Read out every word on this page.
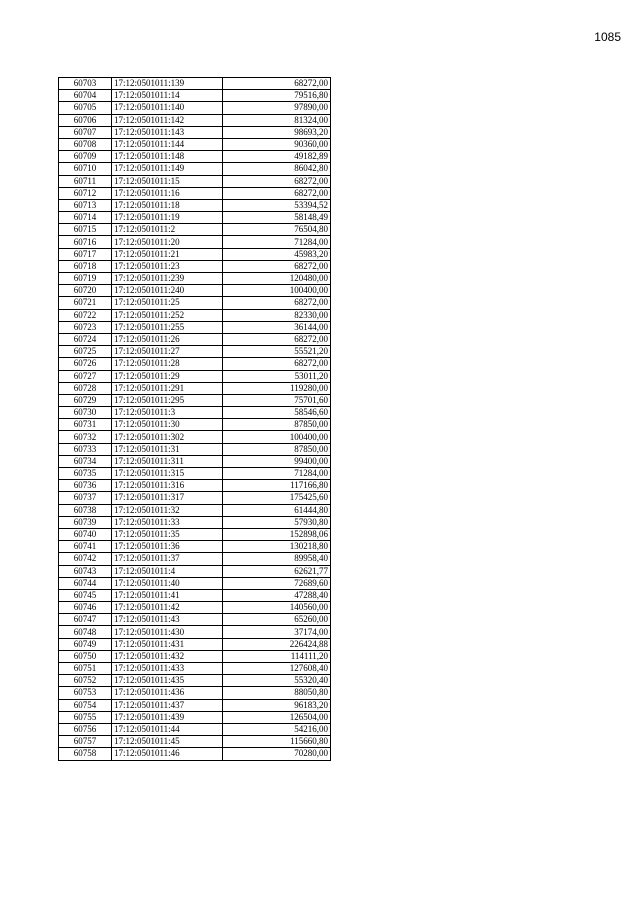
1085
60703	17:12:0501011:139	68272,00
60704	17:12:0501011:14	79516,80
60705	17:12:0501011:140	97890,00
60706	17:12:0501011:142	81324,00
60707	17:12:0501011:143	98693,20
60708	17:12:0501011:144	90360,00
60709	17:12:0501011:148	49182,89
60710	17:12:0501011:149	86042,80
60711	17:12:0501011:15	68272,00
60712	17:12:0501011:16	68272,00
60713	17:12:0501011:18	53394,52
60714	17:12:0501011:19	58148,49
60715	17:12:0501011:2	76504,80
60716	17:12:0501011:20	71284,00
60717	17:12:0501011:21	45983,20
60718	17:12:0501011:23	68272,00
60719	17:12:0501011:239	120480,00
60720	17:12:0501011:240	100400,00
60721	17:12:0501011:25	68272,00
60722	17:12:0501011:252	82330,00
60723	17:12:0501011:255	36144,00
60724	17:12:0501011:26	68272,00
60725	17:12:0501011:27	55521,20
60726	17:12:0501011:28	68272,00
60727	17:12:0501011:29	53011,20
60728	17:12:0501011:291	119280,00
60729	17:12:0501011:295	75701,60
60730	17:12:0501011:3	58546,60
60731	17:12:0501011:30	87850,00
60732	17:12:0501011:302	100400,00
60733	17:12:0501011:31	87850,00
60734	17:12:0501011:311	99400,00
60735	17:12:0501011:315	71284,00
60736	17:12:0501011:316	117166,80
60737	17:12:0501011:317	175425,60
60738	17:12:0501011:32	61444,80
60739	17:12:0501011:33	57930,80
60740	17:12:0501011:35	152898,06
60741	17:12:0501011:36	130218,80
60742	17:12:0501011:37	89958,40
60743	17:12:0501011:4	62621,77
60744	17:12:0501011:40	72689,60
60745	17:12:0501011:41	47288,40
60746	17:12:0501011:42	140560,00
60747	17:12:0501011:43	65260,00
60748	17:12:0501011:430	37174,00
60749	17:12:0501011:431	226424,88
60750	17:12:0501011:432	114111,20
60751	17:12:0501011:433	127608,40
60752	17:12:0501011:435	55320,40
60753	17:12:0501011:436	88050,80
60754	17:12:0501011:437	96183,20
60755	17:12:0501011:439	126504,00
60756	17:12:0501011:44	54216,00
60757	17:12:0501011:45	115660,80
60758	17:12:0501011:46	70280,00
